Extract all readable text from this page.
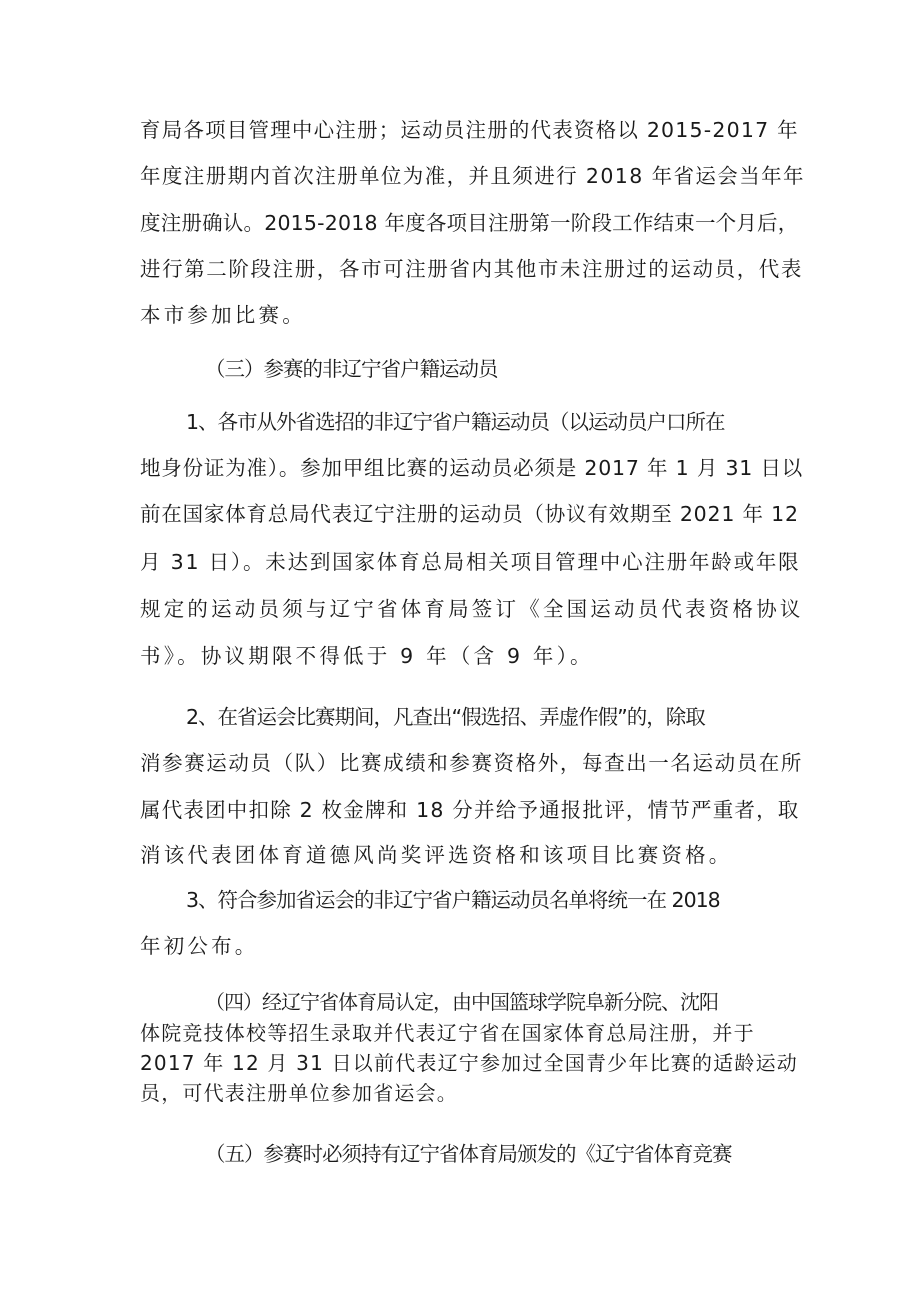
育局各项目管理中心注册；运动员注册的代表资格以 2015-2017 年

年度注册期内首次注册单位为准，并且须进行 2018 年省运会当年年

度注册确认。2015-2018 年度各项目注册第一阶段工作结束一个月后，

进行第二阶段注册，各市可注册省内其他市未注册过的运动员，代表

本市参加比赛。

（三）参赛的非辽宁省户籍运动员

1、各市从外省选招的非辽宁省户籍运动员（以运动员户口所在

地身份证为准）。参加甲组比赛的运动员必须是 2017 年 1 月 31 日以

前在国家体育总局代表辽宁注册的运动员（协议有效期至 2021 年 12

月 31 日）。未达到国家体育总局相关项目管理中心注册年龄或年限

规定的运动员须与辽宁省体育局签订《全国运动员代表资格协议

书》。协议期限不得低于 9 年（含 9 年）。

2、在省运会比赛期间，凡查出“假选招、弄虚作假”的，除取

消参赛运动员（队）比赛成绩和参赛资格外，每查出一名运动员在所

属代表团中扣除 2 枚金牌和 18 分并给予通报批评，情节严重者，取

消该代表团体育道德风尚奖评选资格和该项目比赛资格。

3、符合参加省运会的非辽宁省户籍运动员名单将统一在 2018

年初公布。

（四）经辽宁省体育局认定，由中国篮球学院阜新分院、沈阳

体院竞技体校等招生录取并代表辽宁省在国家体育总局注册，并于

2017 年 12 月 31 日以前代表辽宁参加过全国青少年比赛的适龄运动

员，可代表注册单位参加省运会。

（五）参赛时必须持有辽宁省体育局颁发的《辽宁省体育竞赛
